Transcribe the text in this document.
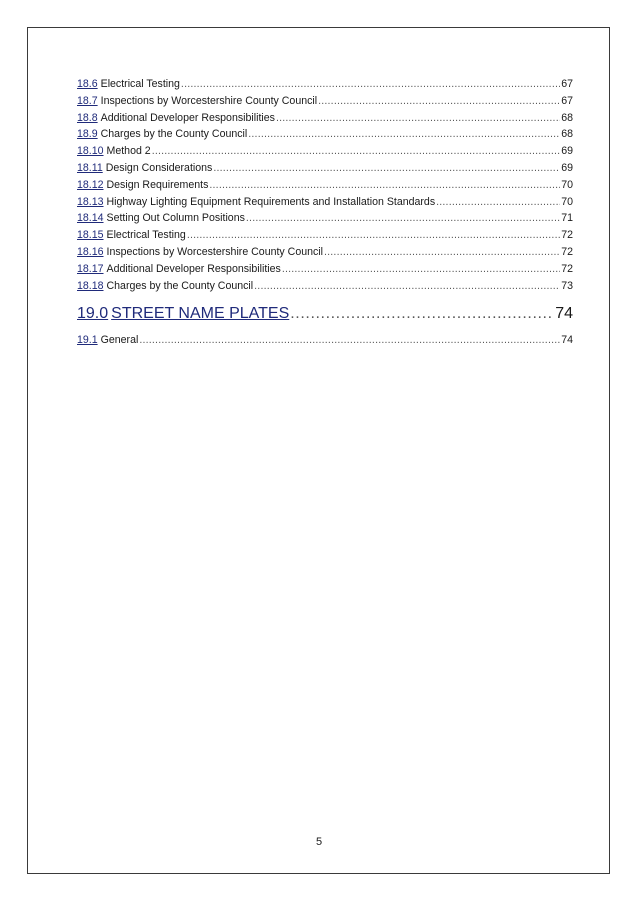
18.6 Electrical Testing .....	67
18.7 Inspections by Worcestershire County Council .....	67
18.8 Additional Developer Responsibilities .....	68
18.9 Charges by the County Council .....	68
18.10 Method 2 .....	69
18.11 Design Considerations .....	69
18.12 Design Requirements .....	70
18.13 Highway Lighting Equipment Requirements and Installation Standards .....	70
18.14 Setting Out Column Positions .....	71
18.15 Electrical Testing .....	72
18.16 Inspections by Worcestershire County Council .....	72
18.17 Additional Developer Responsibilities .....	72
18.18 Charges by the County Council .....	73
19.0 STREET NAME PLATES .....	74
19.1 General .....	74
5
